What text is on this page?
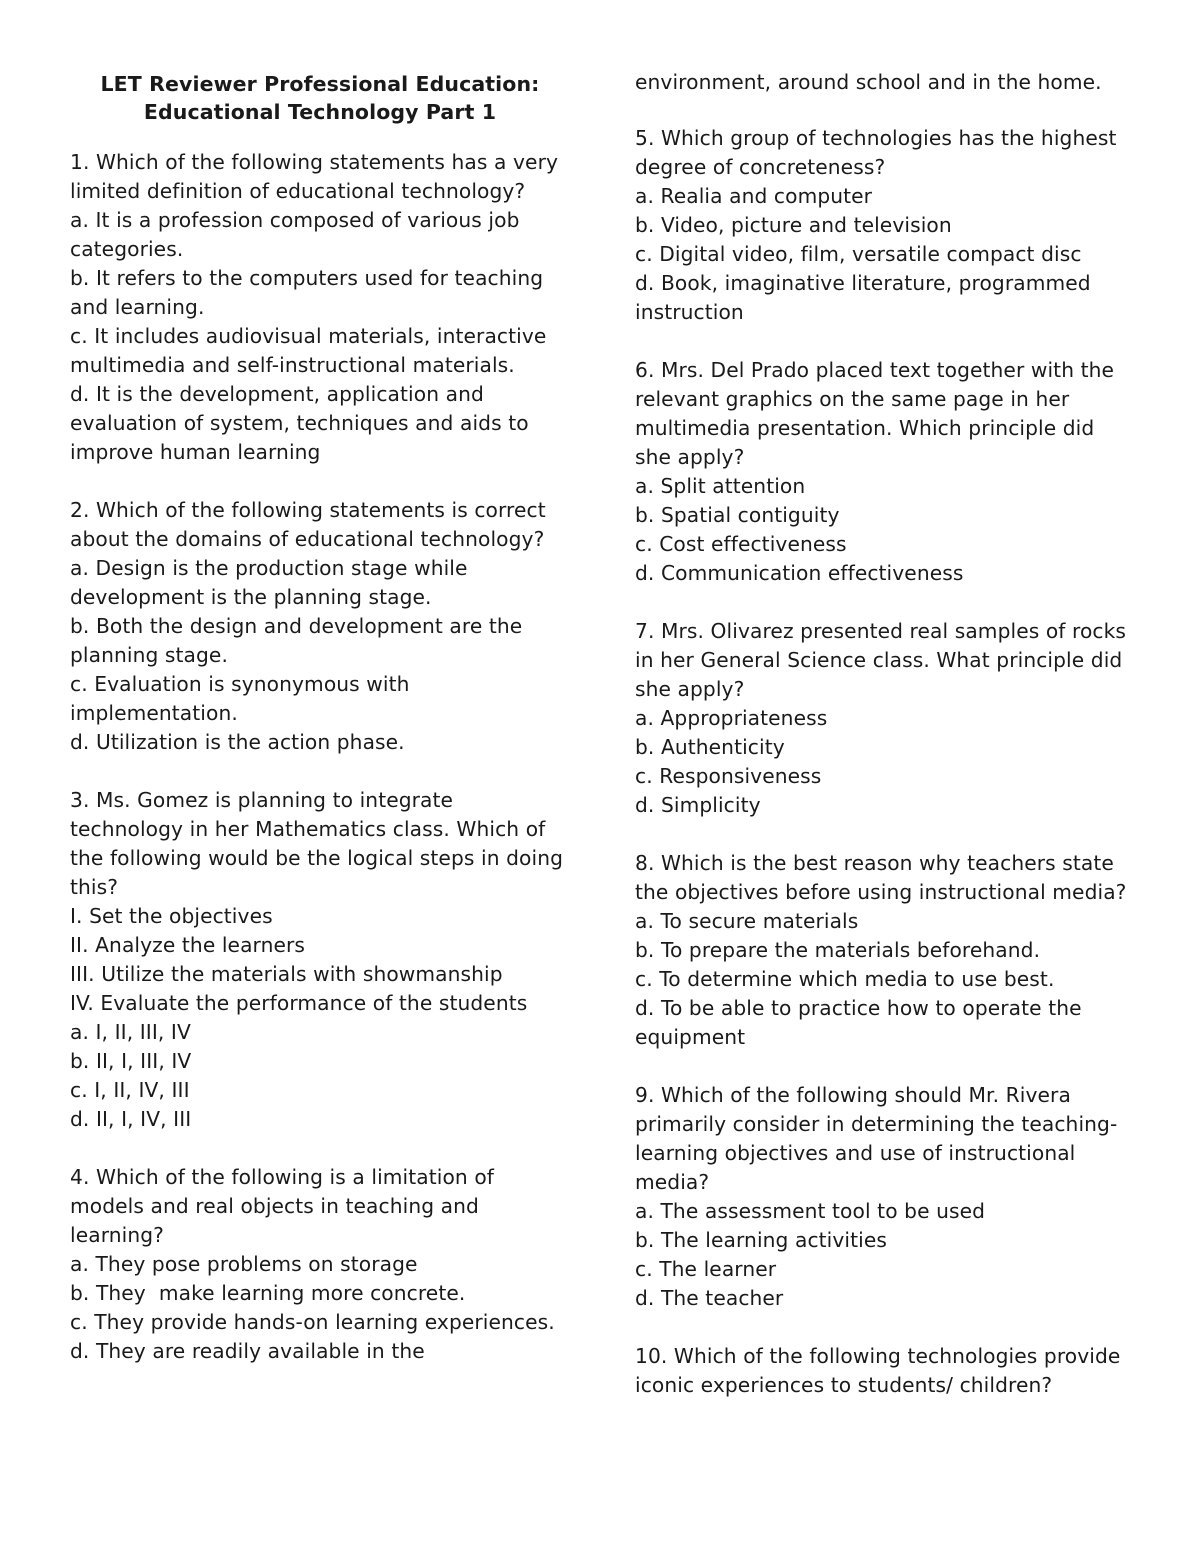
LET Reviewer Professional Education:
Educational Technology Part 1

1. Which of the following statements has a very limited definition of educational technology?

a. It is a profession composed of various job categories.
b. It refers to the computers used for teaching and learning.
c. It includes audiovisual materials, interactive multimedia and self-instructional materials.
d. It is the development, application and evaluation of system, techniques and aids to improve human learning

2. Which of the following statements is correct about the domains of educational technology?

a. Design is the production stage while development is the planning stage.
b. Both the design and development are the planning stage.
c. Evaluation is synonymous with implementation.
d. Utilization is the action phase.

3. Ms. Gomez is planning to integrate technology in her Mathematics class. Which of the following would be the logical steps in doing this?

I. Set the objectives
II. Analyze the learners
III. Utilize the materials with showmanship
IV. Evaluate the performance of the students
a. I, II, III, IV
b. II, I, III, IV
c. I, II, IV, III
d. II, I, IV, III

4. Which of the following is a limitation of models and real objects in teaching and learning?

a. They pose problems on storage
b. They  make learning more concrete.
c. They provide hands-on learning experiences.
d. They are readily available in the

environment, around school and in the home.

5. Which group of technologies has the highest degree of concreteness?

a. Realia and computer
b. Video, picture and television
c. Digital video, film, versatile compact disc
d. Book, imaginative literature, programmed instruction

6. Mrs. Del Prado placed text together with the relevant graphics on the same page in her multimedia presentation. Which principle did she apply?

a. Split attention
b. Spatial contiguity
c. Cost effectiveness
d. Communication effectiveness

7. Mrs. Olivarez presented real samples of rocks in her General Science class. What principle did she apply?

a. Appropriateness
b. Authenticity
c. Responsiveness
d. Simplicity

8. Which is the best reason why teachers state the objectives before using instructional media?

a. To secure materials
b. To prepare the materials beforehand.
c. To determine which media to use best.
d. To be able to practice how to operate the equipment

9. Which of the following should Mr. Rivera primarily consider in determining the teaching-learning objectives and use of instructional media?

a. The assessment tool to be used
b. The learning activities
c. The learner
d. The teacher

10. Which of the following technologies provide iconic experiences to students/ children?
